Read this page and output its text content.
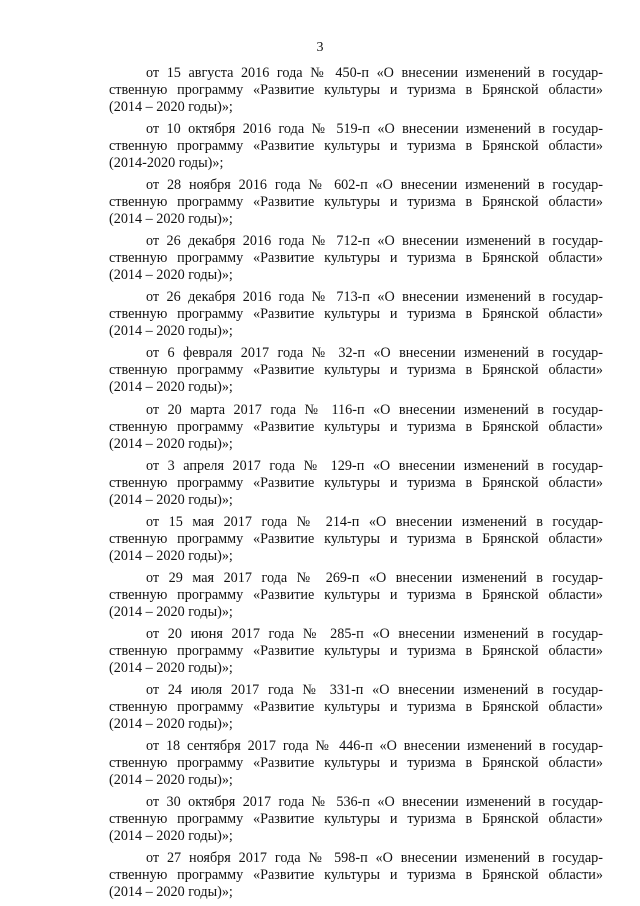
3

от 15 августа 2016 года № 450-п «О внесении изменений в государ-
ственную программу «Развитие культуры и туризма в Брянской области»
(2014 – 2020 годы)»;

от 10 октября 2016 года № 519-п «О внесении изменений в государ-
ственную программу «Развитие культуры и туризма в Брянской области»
(2014-2020 годы)»;

от 28 ноября 2016 года № 602-п «О внесении изменений в государ-
ственную программу «Развитие культуры и туризма в Брянской области»
(2014 – 2020 годы)»;

от 26 декабря 2016 года № 712-п «О внесении изменений в государ-
ственную программу «Развитие культуры и туризма в Брянской области»
(2014 – 2020 годы)»;

от 26 декабря 2016 года № 713-п «О внесении изменений в государ-
ственную программу «Развитие культуры и туризма в Брянской области»
(2014 – 2020 годы)»;

от 6 февраля 2017 года № 32-п «О внесении изменений в государ-
ственную программу «Развитие культуры и туризма в Брянской области»
(2014 – 2020 годы)»;

от 20 марта 2017 года № 116-п «О внесении изменений в государ-
ственную программу «Развитие культуры и туризма в Брянской области»
(2014 – 2020 годы)»;

от 3 апреля 2017 года № 129-п «О внесении изменений в государ-
ственную программу «Развитие культуры и туризма в Брянской области»
(2014 – 2020 годы)»;

от 15 мая 2017 года № 214-п «О внесении изменений в государ-
ственную программу «Развитие культуры и туризма в Брянской области»
(2014 – 2020 годы)»;

от 29 мая 2017 года № 269-п «О внесении изменений в государ-
ственную программу «Развитие культуры и туризма в Брянской области»
(2014 – 2020 годы)»;

от 20 июня 2017 года № 285-п «О внесении изменений в государ-
ственную программу «Развитие культуры и туризма в Брянской области»
(2014 – 2020 годы)»;

от 24 июля 2017 года № 331-п «О внесении изменений в государ-
ственную программу «Развитие культуры и туризма в Брянской области»
(2014 – 2020 годы)»;

от 18 сентября 2017 года № 446-п «О внесении изменений в государ-
ственную программу «Развитие культуры и туризма в Брянской области»
(2014 – 2020 годы)»;

от 30 октября 2017 года № 536-п «О внесении изменений в государ-
ственную программу «Развитие культуры и туризма в Брянской области»
(2014 – 2020 годы)»;

от 27 ноября 2017 года № 598-п «О внесении изменений в государ-
ственную программу «Развитие культуры и туризма в Брянской области»
(2014 – 2020 годы)»;
